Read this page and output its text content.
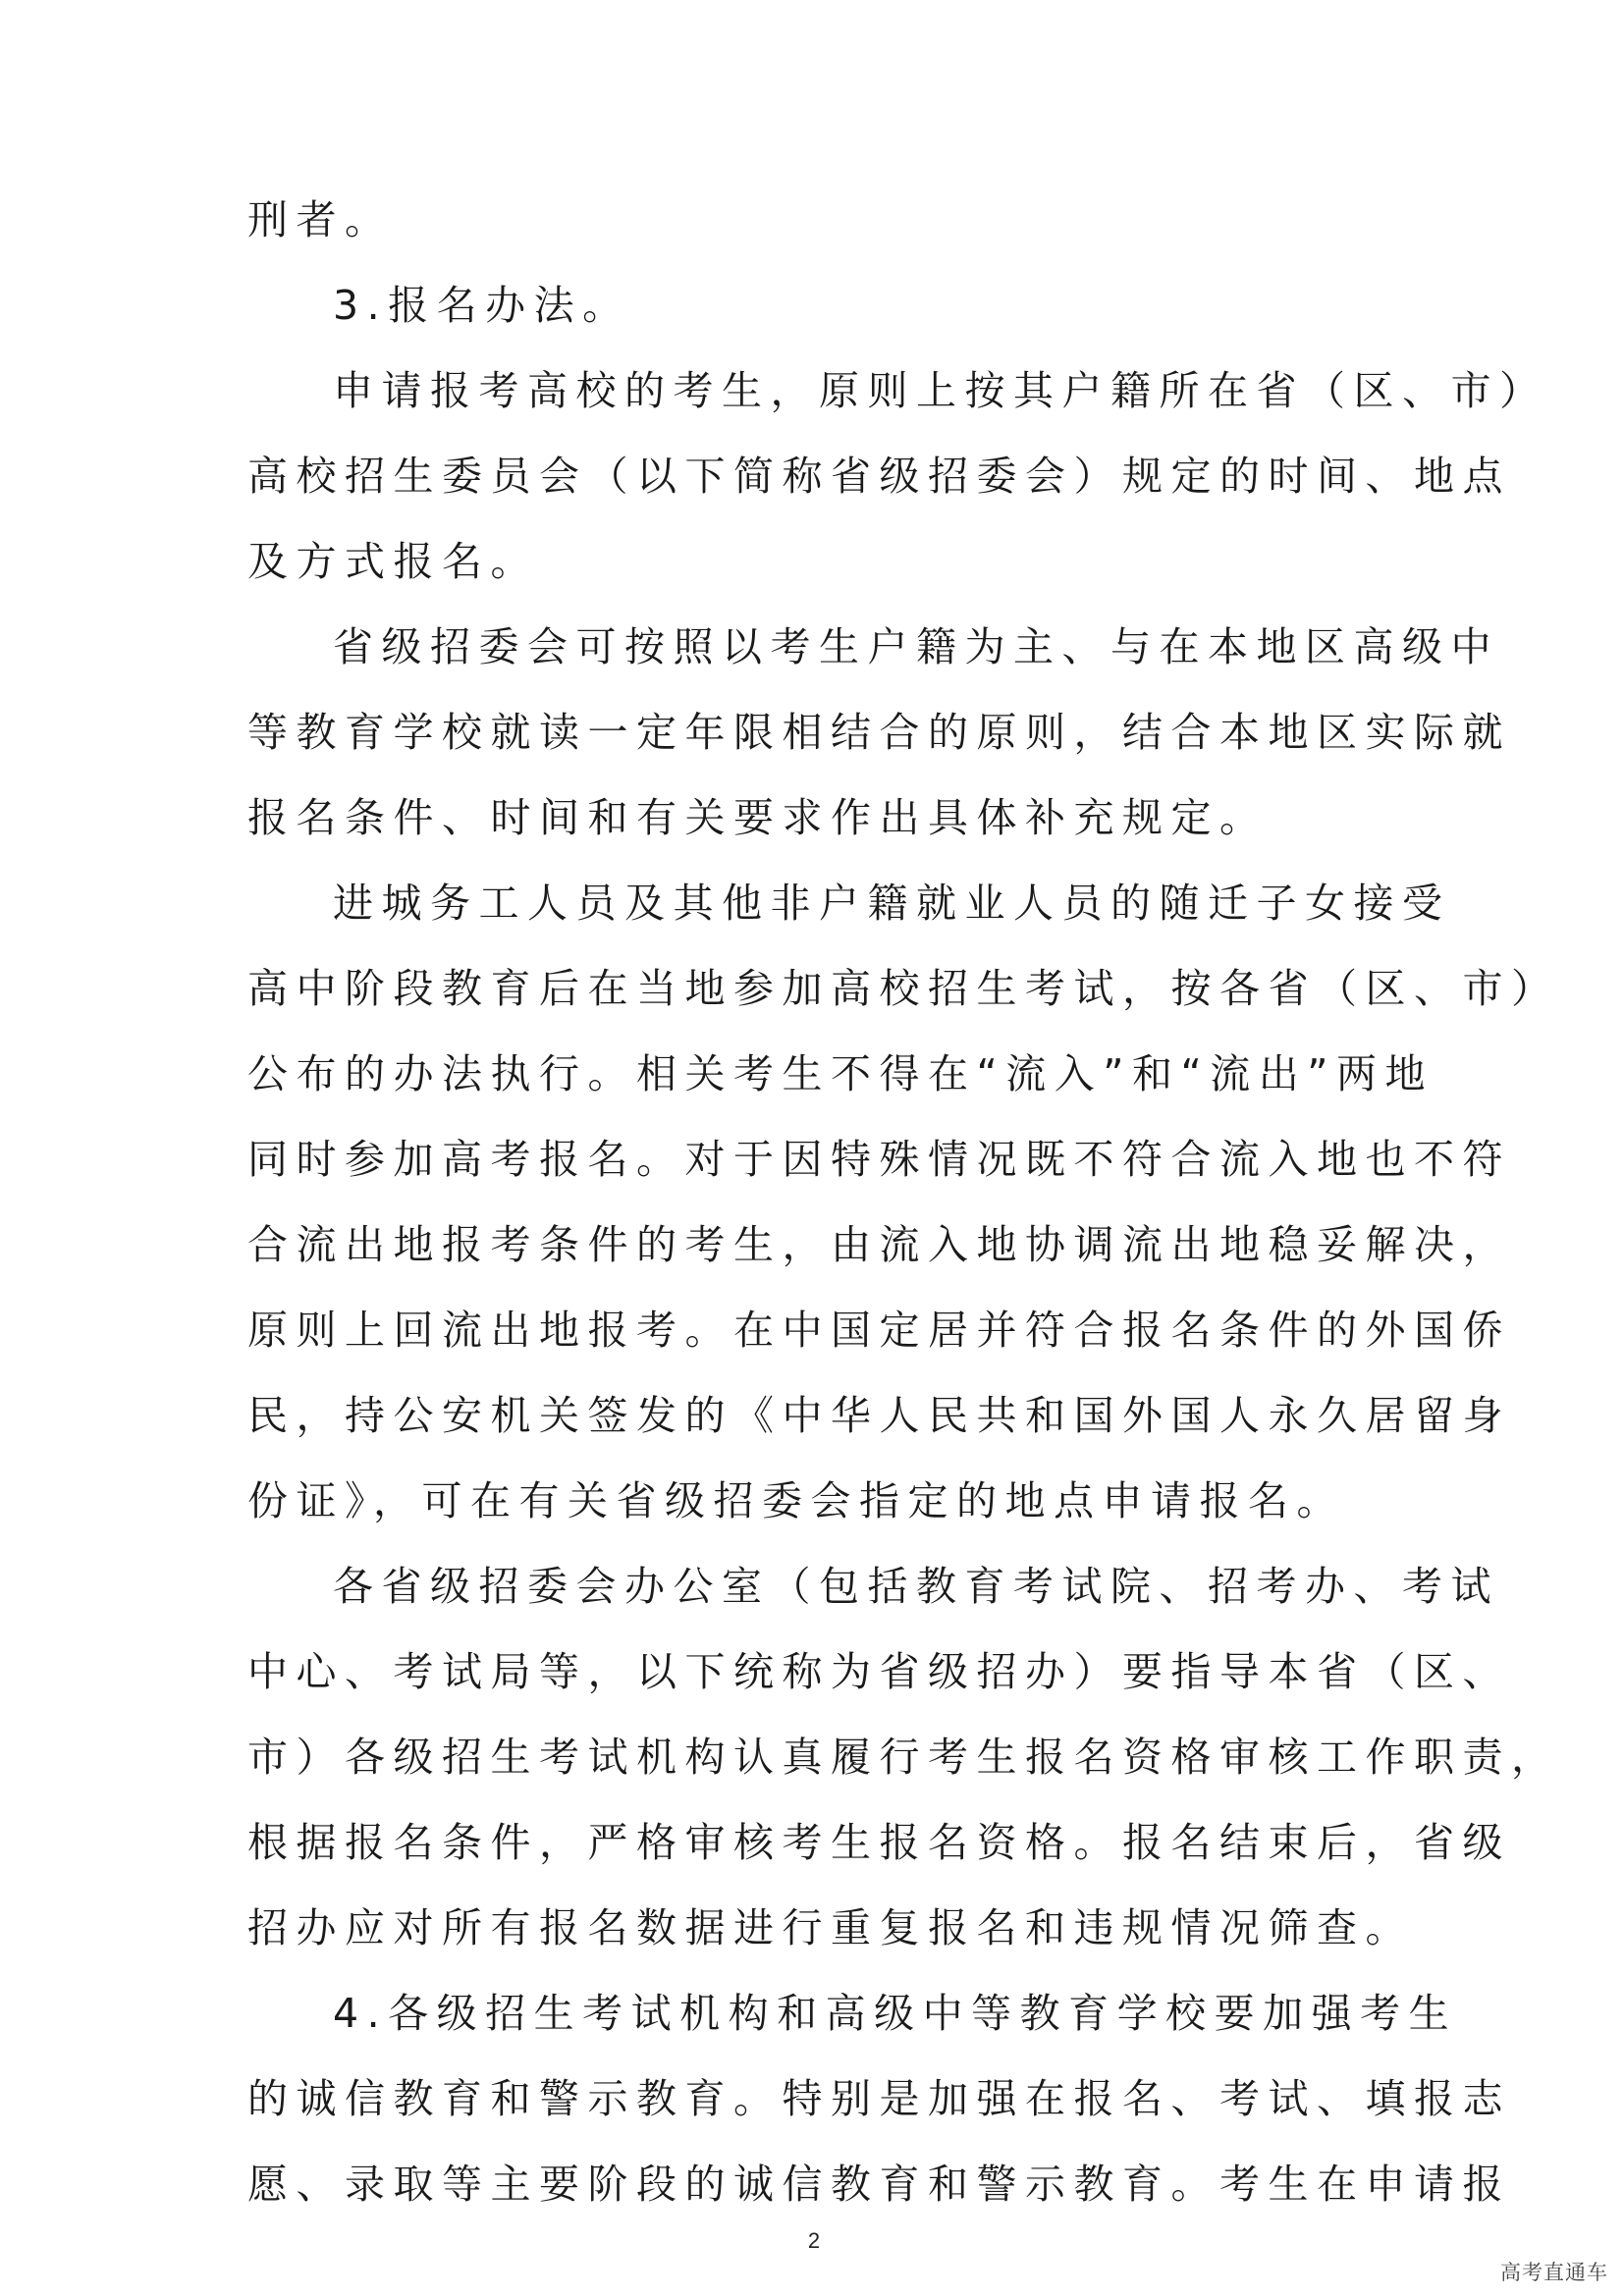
刑者。
3.报名办法。
申请报考高校的考生，原则上按其户籍所在省（区、市）
高校招生委员会（以下简称省级招委会）规定的时间、地点
及方式报名。
省级招委会可按照以考生户籍为主、与在本地区高级中
等教育学校就读一定年限相结合的原则，结合本地区实际就
报名条件、时间和有关要求作出具体补充规定。
进城务工人员及其他非户籍就业人员的随迁子女接受
高中阶段教育后在当地参加高校招生考试，按各省（区、市）
公布的办法执行。相关考生不得在“流入”和“流出”两地
同时参加高考报名。对于因特殊情况既不符合流入地也不符
合流出地报考条件的考生，由流入地协调流出地稳妥解决，
原则上回流出地报考。在中国定居并符合报名条件的外国侨
民，持公安机关签发的《中华人民共和国外国人永久居留身
份证》，可在有关省级招委会指定的地点申请报名。
各省级招委会办公室（包括教育考试院、招考办、考试
中心、考试局等，以下统称为省级招办）要指导本省（区、
市）各级招生考试机构认真履行考生报名资格审核工作职责，
根据报名条件，严格审核考生报名资格。报名结束后，省级
招办应对所有报名数据进行重复报名和违规情况筛查。
4.各级招生考试机构和高级中等教育学校要加强考生
的诚信教育和警示教育。特别是加强在报名、考试、填报志
愿、录取等主要阶段的诚信教育和警示教育。考生在申请报
2
高考直通车
